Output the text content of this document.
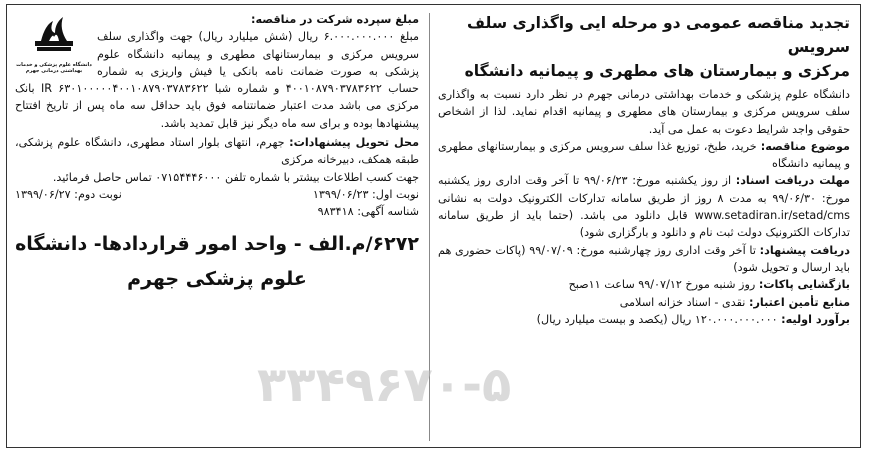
تجدید مناقصه عمومی دو مرحله ایی واگذاری سلف سرویس

مرکزی و بیمارستان های مطهری و پیمانیه دانشگاه

دانشگاه علوم پزشکی و خدمات بهداشتی درمانی جهرم در نظر دارد نسبت به واگذاری سلف سرویس مرکزی و بیمارستان های مطهری و پیمانیه اقدام نماید. لذا از اشخاص حقوقی واجد شرایط دعوت به عمل می آید.

موضوع مناقصه: خرید، طبخ، توزیع غذا سلف سرویس مرکزی و بیمارستانهای مطهری و پیمانیه دانشگاه

مهلت دریافت اسناد: از روز یکشنبه مورخ: ۹۹/۰۶/۲۳ تا آخر وقت اداری روز یکشنبه مورخ: ۹۹/۰۶/۳۰ به مدت ۸ روز از طریق سامانه تدارکات الکترونیک دولت به نشانی www.setadiran.ir/setad/cms قابل دانلود می باشد. (حتما باید از طریق سامانه تدارکات الکترونیک دولت ثبت نام و دانلود و بارگزاری شود)

دریافت پیشنهاد: تا آخر وقت اداری روز چهارشنبه مورخ: ۹۹/۰۷/۰۹ (پاکات حضوری هم باید ارسال و تحویل شود)

بازگشایی پاکات: روز شنبه مورخ ۹۹/۰۷/۱۲ ساعت ۱۱صبح

منابع تأمین اعتبار: نقدی - اسناد خزانه اسلامی

برآورد اولیه: ۱۲۰.۰۰۰.۰۰۰.۰۰۰ ریال (یکصد و بیست میلیارد ریال)

دانشگاه علوم پزشکی و خدمات بهداشتی درمانی جهرم

مبلغ سپرده شرکت در مناقصه:

مبلغ ۶.۰۰۰.۰۰۰.۰۰۰ ریال (شش میلیارد ریال) جهت واگذاری سلف سرویس مرکزی و بیمارستانهای مطهری و پیمانیه دانشگاه علوم پزشکی به صورت ضمانت نامه بانکی یا فیش واریزی به شماره حساب ۴۰۰۱۰۸۷۹۰۳۷۸۳۶۲۲ و شماره شبا IR ۶۳۰۱۰۰۰۰۰۴۰۰۱۰۸۷۹۰۳۷۸۳۶۲۲ بانک مرکزی می باشد مدت اعتبار ضمانتنامه فوق باید حداقل سه ماه پس از تاریخ افتتاح پیشنهادها بوده و برای سه ماه دیگر نیز قابل تمدید باشد.

محل تحویل پیشنهادات: جهرم، انتهای بلوار استاد مطهری، دانشگاه علوم پزشکی، طبقه همکف، دبیرخانه مرکزی

جهت کسب اطلاعات بیشتر با شماره تلفن ۰۷۱۵۴۴۴۶۰۰۰ تماس حاصل فرمائید.

نوبت اول: ۱۳۹۹/۰۶/۲۳
نوبت دوم: ۱۳۹۹/۰۶/۲۷
شناسه آگهی: ۹۸۳۴۱۸
۶۲۷۲/م.الف - واحد امور قراردادها- دانشگاه
علوم پزشکی جهرم
۳۳۴۹۶۷۰-۵
